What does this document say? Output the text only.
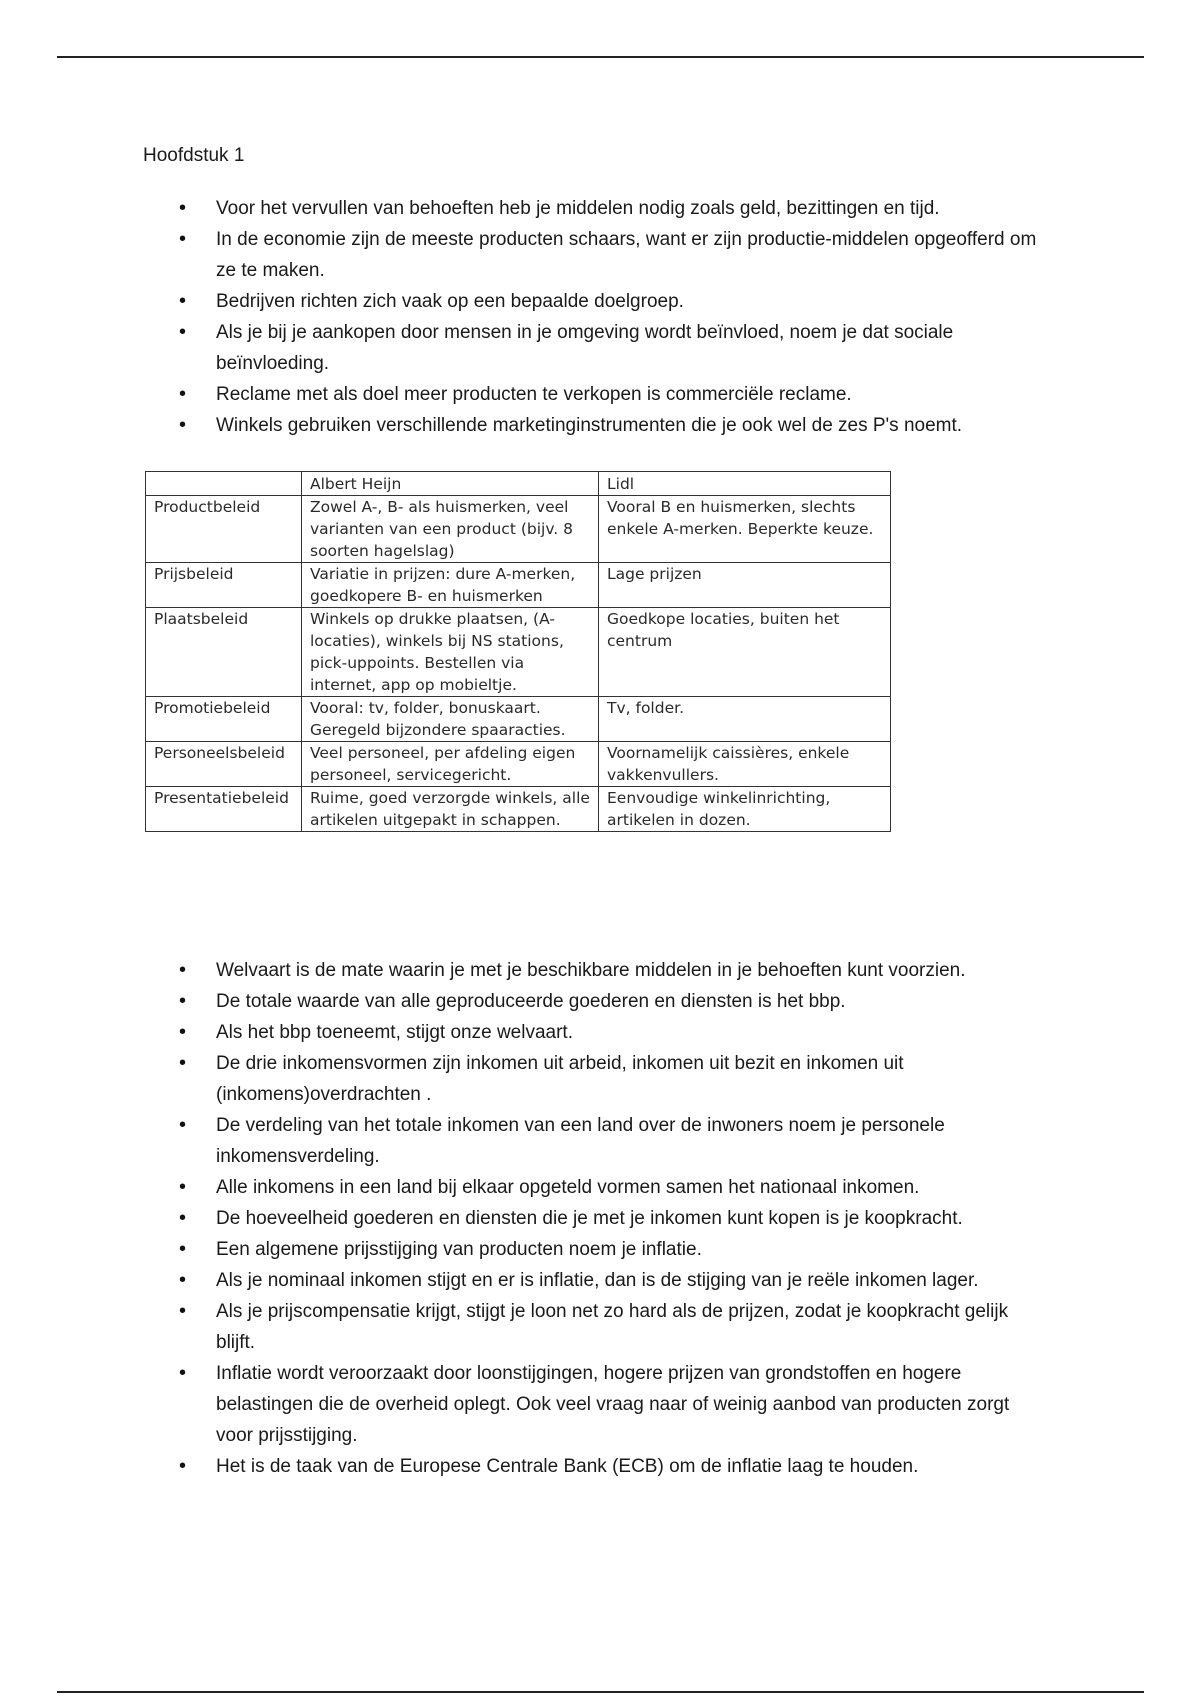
Hoofdstuk 1
• Voor het vervullen van behoeften heb je middelen nodig zoals geld, bezittingen en tijd.
• In de economie zijn de meeste producten schaars, want er zijn productie-middelen opgeofferd om ze te maken.
• Bedrijven richten zich vaak op een bepaalde doelgroep.
• Als je bij je aankopen door mensen in je omgeving wordt beïnvloed, noem je dat sociale beïnvloeding.
• Reclame met als doel meer producten te verkopen is commerciële reclame.
• Winkels gebruiken verschillende marketinginstrumenten die je ook wel de zes P's noemt.
	Albert Heijn	Lidl
Productbeleid	Zowel A-, B- als huismerken, veel varianten van een product (bijv. 8 soorten hagelslag)	Vooral B en huismerken, slechts enkele A-merken. Beperkte keuze.
Prijsbeleid	Variatie in prijzen: dure A-merken, goedkopere B- en huismerken	Lage prijzen
Plaatsbeleid	Winkels op drukke plaatsen, (A-locaties), winkels bij NS stations, pick-uppoints. Bestellen via internet, app op mobieltje.	Goedkope locaties, buiten het centrum
Promotiebeleid	Vooral: tv, folder, bonuskaart. Geregeld bijzondere spaaracties.	Tv, folder.
Personeelsbeleid	Veel personeel, per afdeling eigen personeel, servicegericht.	Voornamelijk caissières, enkele vakkenvullers.
Presentatiebeleid	Ruime, goed verzorgde winkels, alle artikelen uitgepakt in schappen.	Eenvoudige winkelinrichting, artikelen in dozen.
• Welvaart is de mate waarin je met je beschikbare middelen in je behoeften kunt voorzien.
• De totale waarde van alle geproduceerde goederen en diensten is het bbp.
• Als het bbp toeneemt, stijgt onze welvaart.
• De drie inkomensvormen zijn inkomen uit arbeid, inkomen uit bezit en inkomen uit (inkomens)overdrachten .
• De verdeling van het totale inkomen van een land over de inwoners noem je personele inkomensverdeling.
• Alle inkomens in een land bij elkaar opgeteld vormen samen het nationaal inkomen.
• De hoeveelheid goederen en diensten die je met je inkomen kunt kopen is je koopkracht.
• Een algemene prijsstijging van producten noem je inflatie.
• Als je nominaal inkomen stijgt en er is inflatie, dan is de stijging van je reële inkomen lager.
• Als je prijscompensatie krijgt, stijgt je loon net zo hard als de prijzen, zodat je koopkracht gelijk blijft.
• Inflatie wordt veroorzaakt door loonstijgingen, hogere prijzen van grondstoffen en hogere belastingen die de overheid oplegt. Ook veel vraag naar of weinig aanbod van producten zorgt voor prijsstijging.
• Het is de taak van de Europese Centrale Bank (ECB) om de inflatie laag te houden.
